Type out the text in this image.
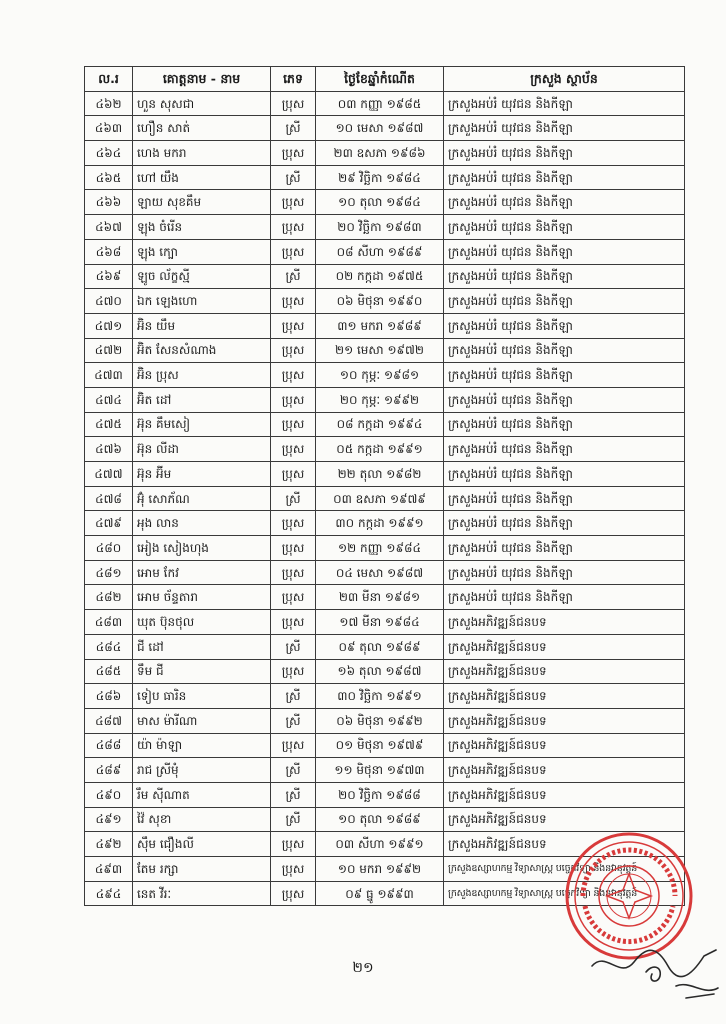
ល.រ	គោត្តនាម - នាម	ភេទ	ថ្ងៃខែឆ្នាំកំណើត	ក្រសួង ស្ថាប័ន
៤៦២	ហួន សុសជា	ប្រុស	០៣ កញ្ញា ១៩៨៥	ក្រសួងអប់រំ យុវជន និងកីឡា
៤៦៣	ហឿន សាត់	ស្រី	១០ មេសា ១៩៨៧	ក្រសួងអប់រំ យុវជន និងកីឡា
៤៦៤	ហេង មករា	ប្រុស	២៣ ឧសភា ១៩៨៦	ក្រសួងអប់រំ យុវជន និងកីឡា
៤៦៥	ហៅ យឹង	ស្រី	២៩ វិច្ឆិកា ១៩៨៤	ក្រសួងអប់រំ យុវជន និងកីឡា
៤៦៦	ឡាយ សុខគឹម	ប្រុស	១០ តុលា ១៩៨៤	ក្រសួងអប់រំ យុវជន និងកីឡា
៤៦៧	ឡុង ចំរើន	ប្រុស	២០ វិច្ឆិកា ១៩៨៣	ក្រសួងអប់រំ យុវជន និងកីឡា
៤៦៨	ឡុង ក្បោ	ប្រុស	០៨ សីហា ១៩៨៩	ក្រសួងអប់រំ យុវជន និងកីឡា
៤៦៩	ឡូច ល័ក្ខស្មី	ស្រី	០២ កក្កដា ១៩៧៥	ក្រសួងអប់រំ យុវជន និងកីឡា
៤៧០	ឯក ឡេងហោ	ប្រុស	០៦ មិថុនា ១៩៩០	ក្រសួងអប់រំ យុវជន និងកីឡា
៤៧១	អ៊ិន យឹម	ប្រុស	៣១ មករា ១៩៨៩	ក្រសួងអប់រំ យុវជន និងកីឡា
៤៧២	អ៊ិត សែនសំណាង	ប្រុស	២១ មេសា ១៩៧២	ក្រសួងអប់រំ យុវជន និងកីឡា
៤៧៣	អ៊ិន ប្រុស	ប្រុស	១០ កុម្ភៈ ១៩៨១	ក្រសួងអប់រំ យុវជន និងកីឡា
៤៧៤	អ៊ិត ដៅ	ប្រុស	២០ កុម្ភៈ ១៩៩២	ក្រសួងអប់រំ យុវជន និងកីឡា
៤៧៥	អ៊ុន គឹមសៀ	ប្រុស	០៨ កក្កដា ១៩៩៤	ក្រសួងអប់រំ យុវជន និងកីឡា
៤៧៦	អ៊ុន លីដា	ប្រុស	០៥ កក្កដា ១៩៩១	ក្រសួងអប់រំ យុវជន និងកីឡា
៤៧៧	អ៊ុន អ៊ីម	ប្រុស	២២ តុលា ១៩៨២	ក្រសួងអប់រំ យុវជន និងកីឡា
៤៧៨	អ៊ុំ សោភ័ណ	ស្រី	០៣ ឧសភា ១៩៧៩	ក្រសួងអប់រំ យុវជន និងកីឡា
៤៧៩	អុង លាន	ប្រុស	៣០ កក្កដា ១៩៩១	ក្រសួងអប់រំ យុវជន និងកីឡា
៤៨០	អៀង សៀងហុង	ប្រុស	១២ កញ្ញា ១៩៨៤	ក្រសួងអប់រំ យុវជន និងកីឡា
៤៨១	អោម កែវ	ប្រុស	០៤ មេសា ១៩៨៧	ក្រសួងអប់រំ យុវជន និងកីឡា
៤៨២	អោម ច័ន្ទតារា	ប្រុស	២៣ មីនា ១៩៨១	ក្រសួងអប់រំ យុវជន និងកីឡា
៤៨៣	ឃុត ប៊ុនថុល	ប្រុស	១៧ មីនា ១៩៨៤	ក្រសួងអភិវឌ្ឍន៍ជនបទ
៤៨៤	ជី ដៅ	ស្រី	០៩ តុលា ១៩៨៩	ក្រសួងអភិវឌ្ឍន៍ជនបទ
៤៨៥	ទឹម ជី	ប្រុស	១៦ តុលា ១៩៨៧	ក្រសួងអភិវឌ្ឍន៍ជនបទ
៤៨៦	ទៀប ធារិន	ស្រី	៣០ វិច្ឆិកា ១៩៩១	ក្រសួងអភិវឌ្ឍន៍ជនបទ
៤៨៧	មាស ម៉ារីណា	ស្រី	០៦ មិថុនា ១៩៩២	ក្រសួងអភិវឌ្ឍន៍ជនបទ
៤៨៨	យ៉ា ម៉ាឡា	ប្រុស	០១ មិថុនា ១៩៧៩	ក្រសួងអភិវឌ្ឍន៍ជនបទ
៤៨៩	រាជ ស្រីមុំ	ស្រី	១១ មិថុនា ១៩៧៣	ក្រសួងអភិវឌ្ឍន៍ជនបទ
៤៩០	រឹម ស៊ីណាត	ស្រី	២០ វិច្ឆិកា ១៩៨៨	ក្រសួងអភិវឌ្ឍន៍ជនបទ
៤៩១	វ៉ៃ សុខា	ស្រី	១០ តុលា ១៩៨៩	ក្រសួងអភិវឌ្ឍន៍ជនបទ
៤៩២	ស៊ឹម ជឿងលី	ប្រុស	០៣ សីហា ១៩៩១	ក្រសួងអភិវឌ្ឍន៍ជនបទ
៤៩៣	តែម រក្សា	ប្រុស	១០ មករា ១៩៩២	ក្រសួងឧស្សាហកម្ម វិទ្យាសាស្ត្រ បច្ចេកវិទ្យា និងនវានុវត្តន៍
៤៩៤	នេត វីរៈ	ប្រុស	០៩ ធ្នូ ១៩៩៣	ក្រសួងឧស្សាហកម្ម វិទ្យាសាស្ត្រ បច្ចេកវិទ្យា និងនវានុវត្តន៍
២១
